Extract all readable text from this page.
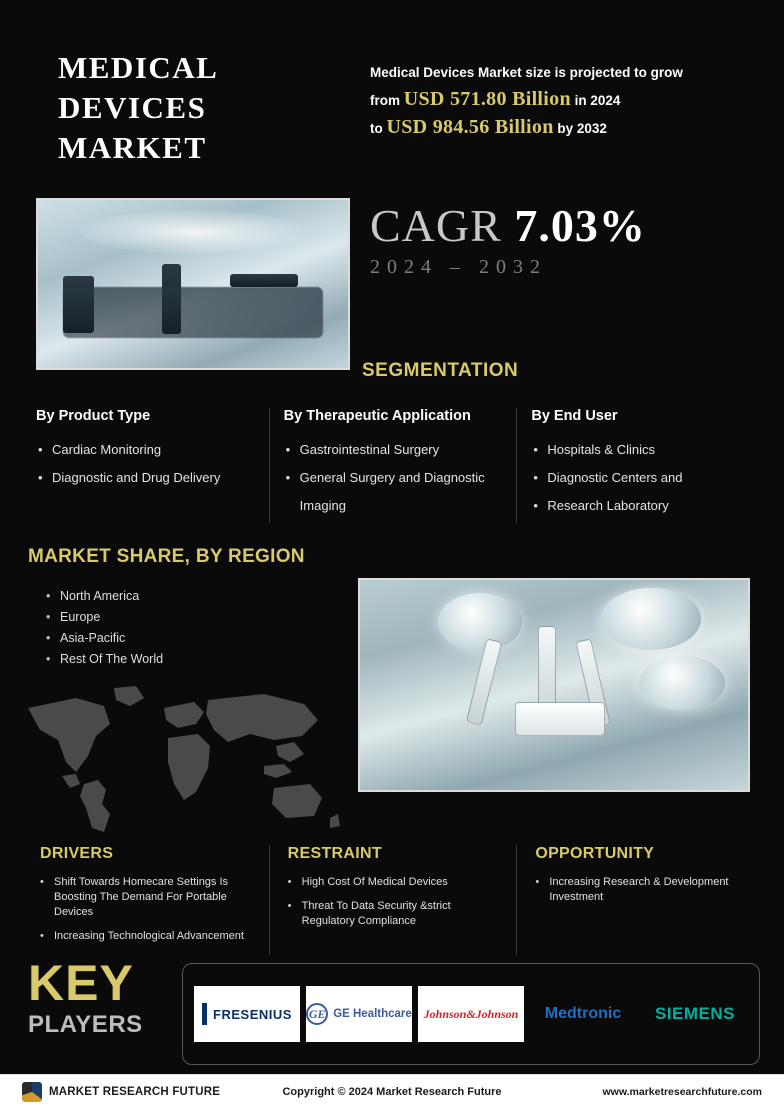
MEDICAL
DEVICES
MARKET
Medical Devices Market size is projected to grow
from USD 571.80 Billion in 2024
to USD 984.56 Billion by 2032
CAGR 7.03%
2024 – 2032
SEGMENTATION
By Product Type
• Cardiac Monitoring
• Diagnostic and Drug Delivery
By Therapeutic Application
• Gastrointestinal Surgery
• General Surgery and Diagnostic Imaging
By End User
• Hospitals & Clinics
• Diagnostic Centers and
• Research Laboratory
MARKET SHARE, BY REGION
• North America
• Europe
• Asia-Pacific
• Rest Of The World
DRIVERS
• Shift Towards Homecare Settings Is Boosting The Demand For Portable Devices
• Increasing Technological Advancement
RESTRAINT
• High Cost Of Medical Devices
• Threat To Data Security &strict Regulatory Compliance
OPPORTUNITY
• Increasing Research & Development Investment
KEY
PLAYERS	FRESENIUS GE GE Healthcare Johnson&Johnson Medtronic SIEMENS
MARKET RESEARCH FUTURE	Copyright © 2024 Market Research Future	www.marketresearchfuture.com
